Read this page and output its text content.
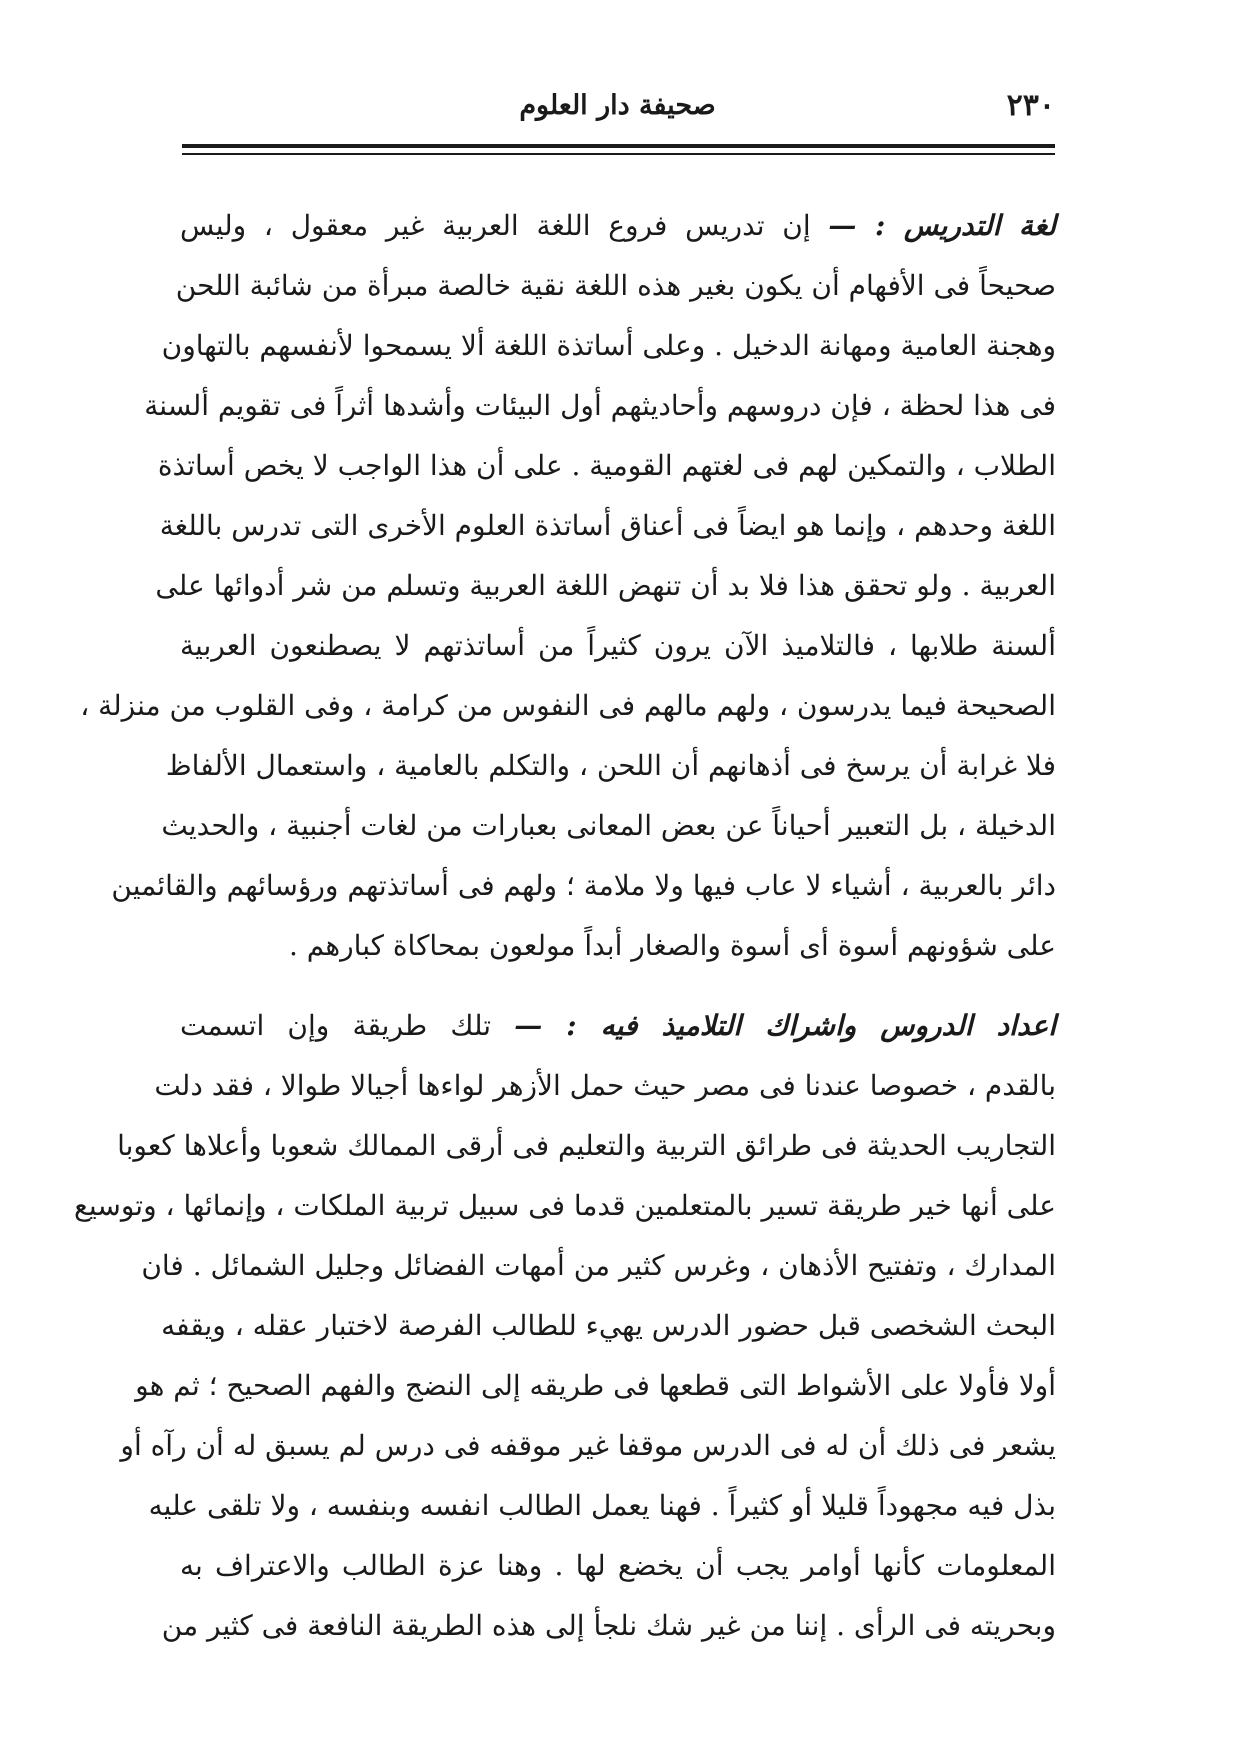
٢٣٠
صحيفة دار العلوم
لغة التدريس : — إن تدريس فروع اللغة العربية غير معقول ، وليس
صحيحاً فى الأفهام أن يكون بغير هذه اللغة نقية خالصة مبرأة من شائبة اللحن
وهجنة العامية ومهانة الدخيل . وعلى أساتذة اللغة ألا يسمحوا لأنفسهم بالتهاون
فى هذا لحظة ، فإن دروسهم وأحاديثهم أول البيئات وأشدها أثراً فى تقويم ألسنة
الطلاب ، والتمكين لهم فى لغتهم القومية . على أن هذا الواجب لا يخص أساتذة
اللغة وحدهم ، وإنما هو ايضاً فى أعناق أساتذة العلوم الأخرى التى تدرس باللغة
العربية . ولو تحقق هذا فلا بد أن تنهض اللغة العربية وتسلم من شر أدوائها على
ألسنة طلابها ، فالتلاميذ الآن يرون كثيراً من أساتذتهم لا يصطنعون العربية
الصحيحة فيما يدرسون ، ولهم مالهم فى النفوس من كرامة ، وفى القلوب من منزلة ،
فلا غرابة أن يرسخ فى أذهانهم أن اللحن ، والتكلم بالعامية ، واستعمال الألفاظ
الدخيلة ، بل التعبير أحياناً عن بعض المعانى بعبارات من لغات أجنبية ، والحديث
دائر بالعربية ، أشياء لا عاب فيها ولا ملامة ؛ ولهم فى أساتذتهم ورؤسائهم والقائمين
على شؤونهم أسوة أى أسوة والصغار أبداً مولعون بمحاكاة كبارهم .
اعداد الدروس واشراك التلاميذ فيه : — تلك طريقة وإن اتسمت
بالقدم ، خصوصا عندنا فى مصر حيث حمل الأزهر لواءها أجيالا طوالا ، فقد دلت
التجاريب الحديثة فى طرائق التربية والتعليم فى أرقى الممالك شعوبا وأعلاها كعوبا
على أنها خير طريقة تسير بالمتعلمين قدما فى سبيل تربية الملكات ، وإنمائها ، وتوسيع
المدارك ، وتفتيح الأذهان ، وغرس كثير من أمهات الفضائل وجليل الشمائل . فان
البحث الشخصى قبل حضور الدرس يهيء للطالب الفرصة لاختبار عقله ، ويقفه
أولا فأولا على الأشواط التى قطعها فى طريقه إلى النضج والفهم الصحيح ؛ ثم هو
يشعر فى ذلك أن له فى الدرس موقفا غير موقفه فى درس لم يسبق له أن رآه أو
بذل فيه مجهوداً قليلا أو كثيراً . فهنا يعمل الطالب انفسه وبنفسه ، ولا تلقى عليه
المعلومات كأنها أوامر يجب أن يخضع لها . وهنا عزة الطالب والاعتراف به
وبحريته فى الرأى . إننا من غير شك نلجأ إلى هذه الطريقة النافعة فى كثير من
